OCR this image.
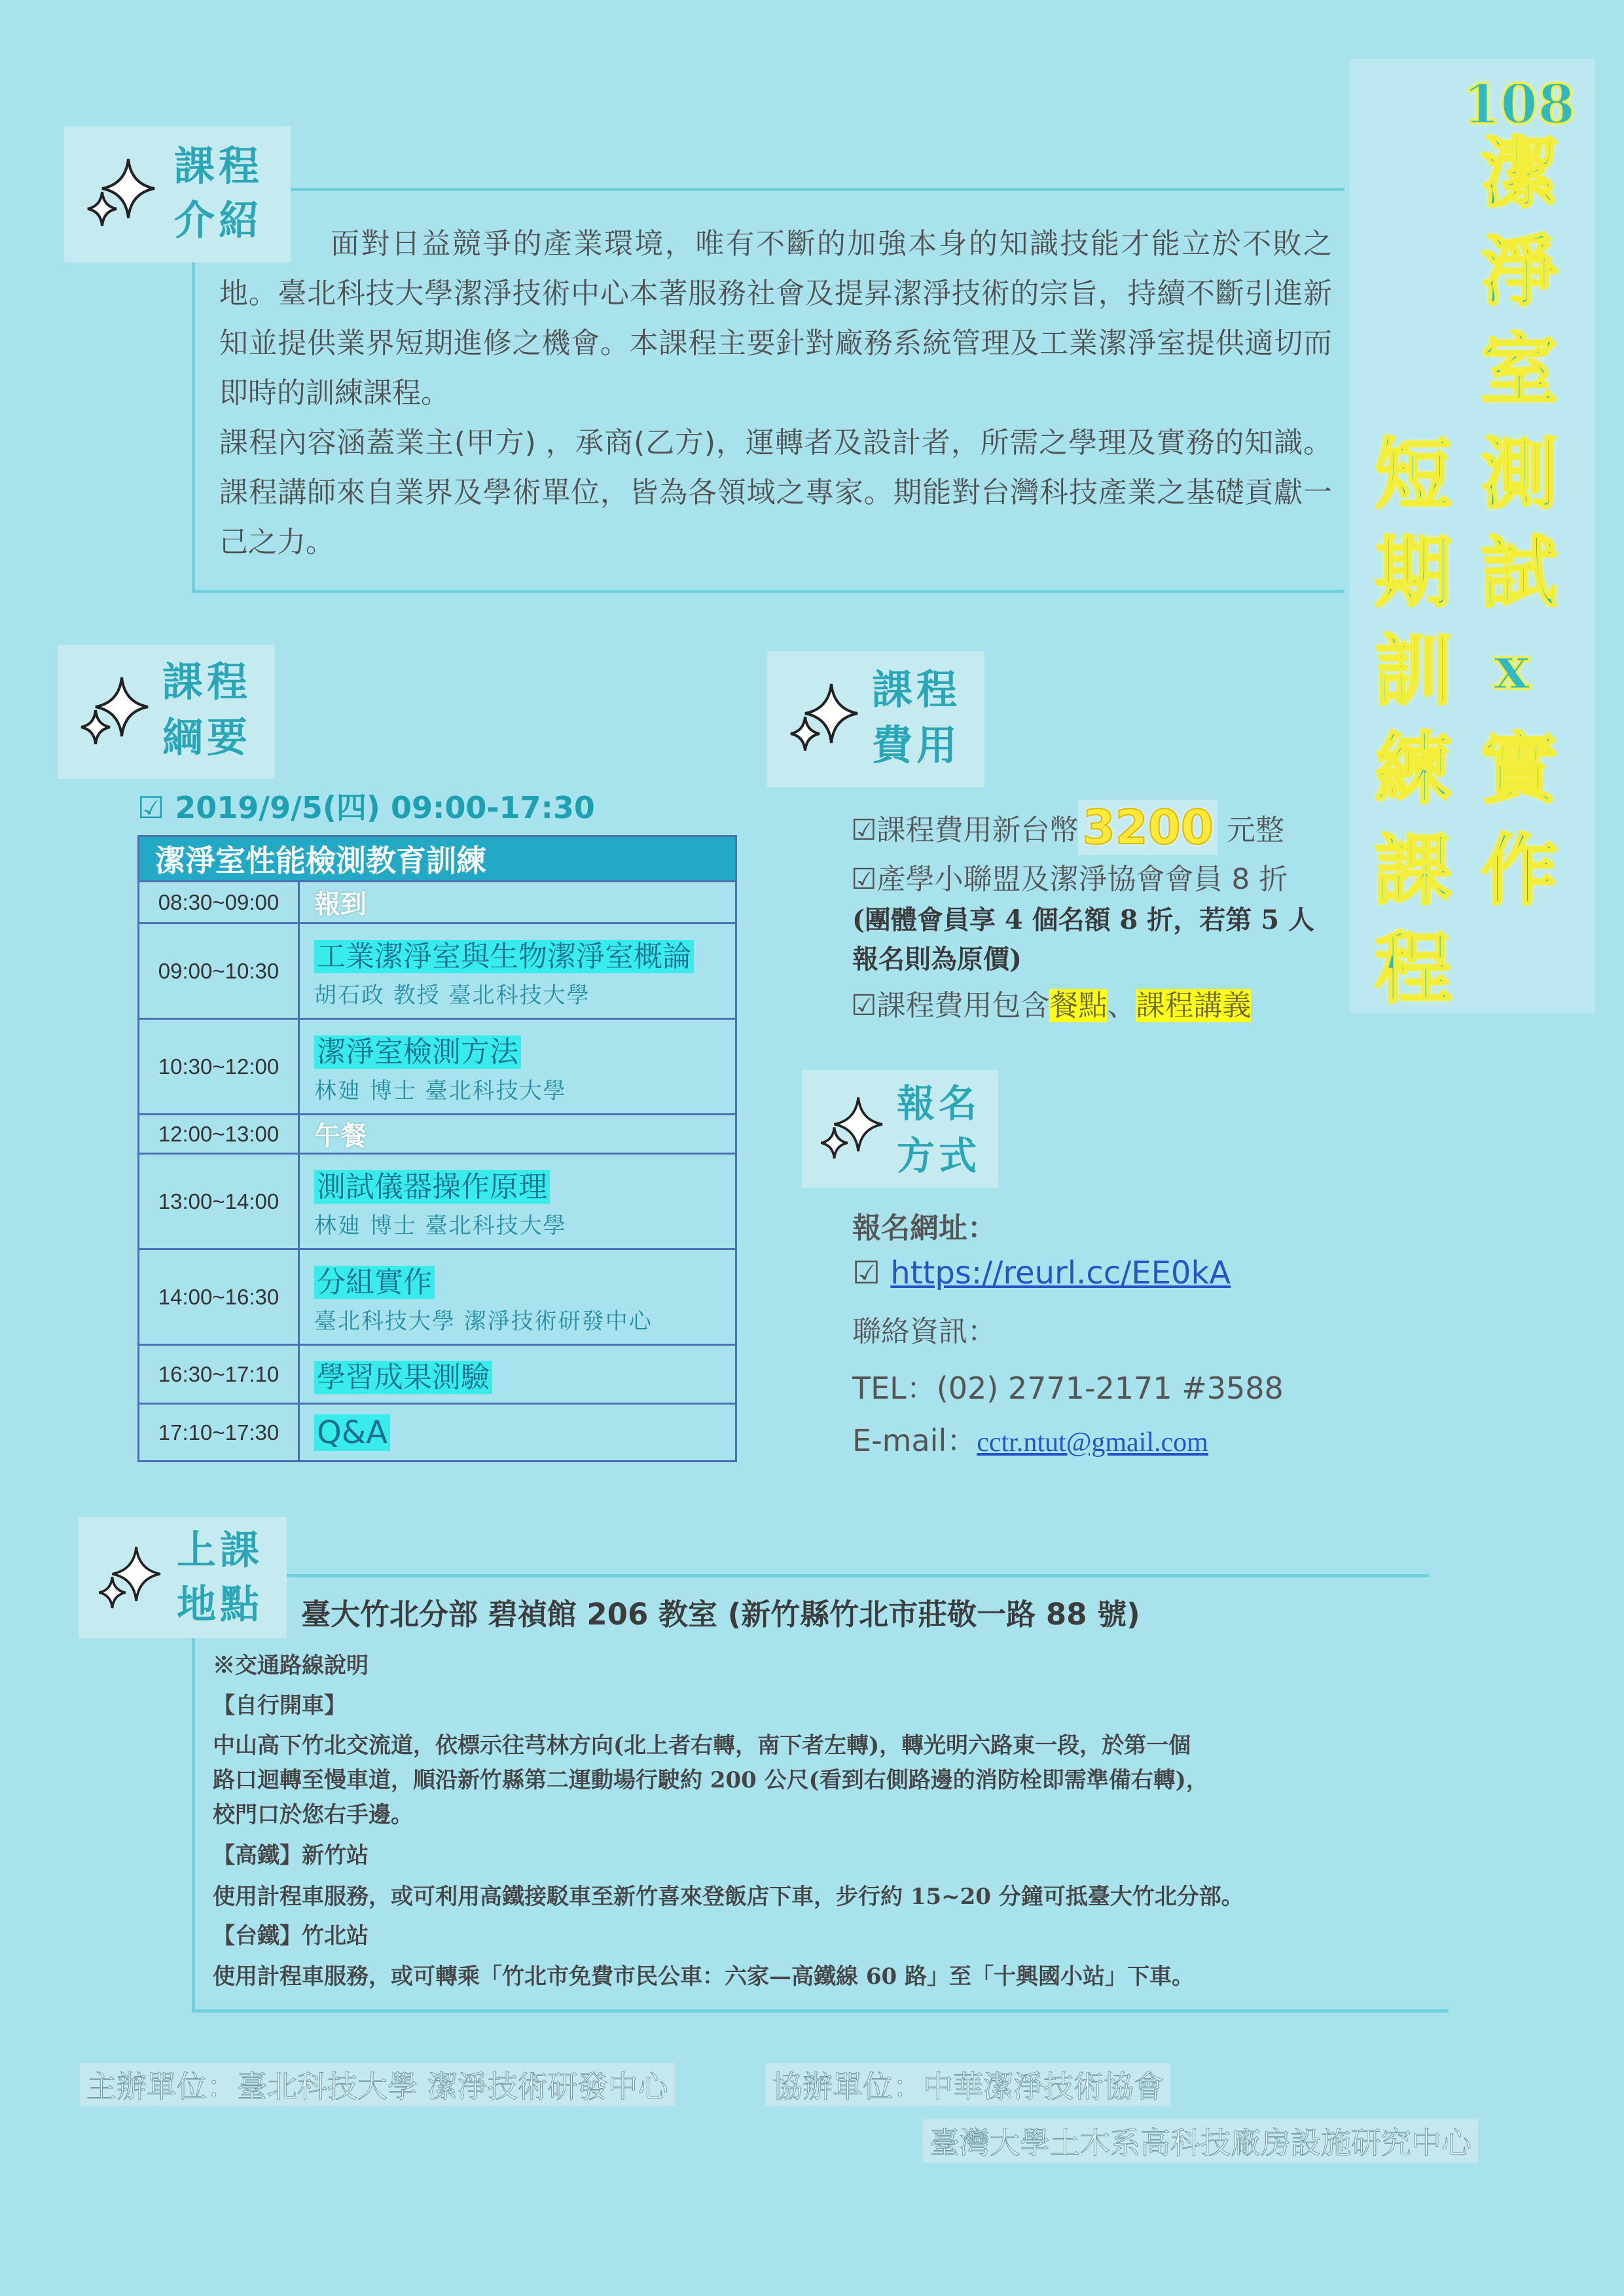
課程
介紹	面對日益競爭的產業環境，唯有不斷的加強本身的知識技能才能立於不敗之地。臺北科技大學潔淨技術中心本著服務社會及提昇潔淨技術的宗旨，持續不斷引進新知並提供業界短期進修之機會。本課程主要針對廠務系統管理及工業潔淨室提供適切而即時的訓練課程。

課程內容涵蓋業主(甲方) ，承商(乙方)，運轉者及設計者，所需之學理及實務的知識。課程講師來自業界及學術單位，皆為各領域之專家。期能對台灣科技產業之基礎貢獻一己之力。

108
潔
淨
室
測
試
x
實
作
短
期
訓
練
課
程
課程
綱要
☑ 2019/9/5(四) 09:00-17:30
潔淨室性能檢測教育訓練	
08:30~09:00	報到
09:00~10:30	工業潔淨室與生物潔淨室概論
胡石政 教授 臺北科技大學

10:30~12:00	潔淨室檢測方法
林廸 博士 臺北科技大學

12:00~13:00	午餐
13:00~14:00	測試儀器操作原理
林廸 博士 臺北科技大學

14:00~16:30	分組實作
臺北科技大學 潔淨技術研發中心

16:30~17:10	學習成果測驗
17:10~17:30	Q&A
課程
費用
☑課程費用新台幣3200 元整
☑產學小聯盟及潔淨協會會員 8 折
(團體會員享 4 個名額 8 折，若第 5 人報名則為原價)
☑課程費用包含餐點、課程講義
報名
方式
報名網址：
☑ https://reurl.cc/EE0kA
聯絡資訊：
TEL：(02) 2771-2171 #3588
E-mail：cctr.ntut@gmail.com
上課
地點 臺大竹北分部 碧禎館 206 教室 (新竹縣竹北市莊敬一路 88 號)
※交通路線說明
【自行開車】
中山高下竹北交流道，依標示往芎林方向(北上者右轉，南下者左轉)，轉光明六路東一段，於第一個
路口迴轉至慢車道，順沿新竹縣第二運動場行駛約 200 公尺(看到右側路邊的消防栓即需準備右轉)，
校門口於您右手邊。
【高鐵】新竹站
使用計程車服務，或可利用高鐵接駁車至新竹喜來登飯店下車，步行約 15~20 分鐘可抵臺大竹北分部。
【台鐵】竹北站
使用計程車服務，或可轉乘「竹北市免費市民公車：六家—高鐵線 60 路」至「十興國小站」下車。
主辦單位：臺北科技大學 潔淨技術研發中心	協辦單位：中華潔淨技術協會
臺灣大學土木系高科技廠房設施研究中心
